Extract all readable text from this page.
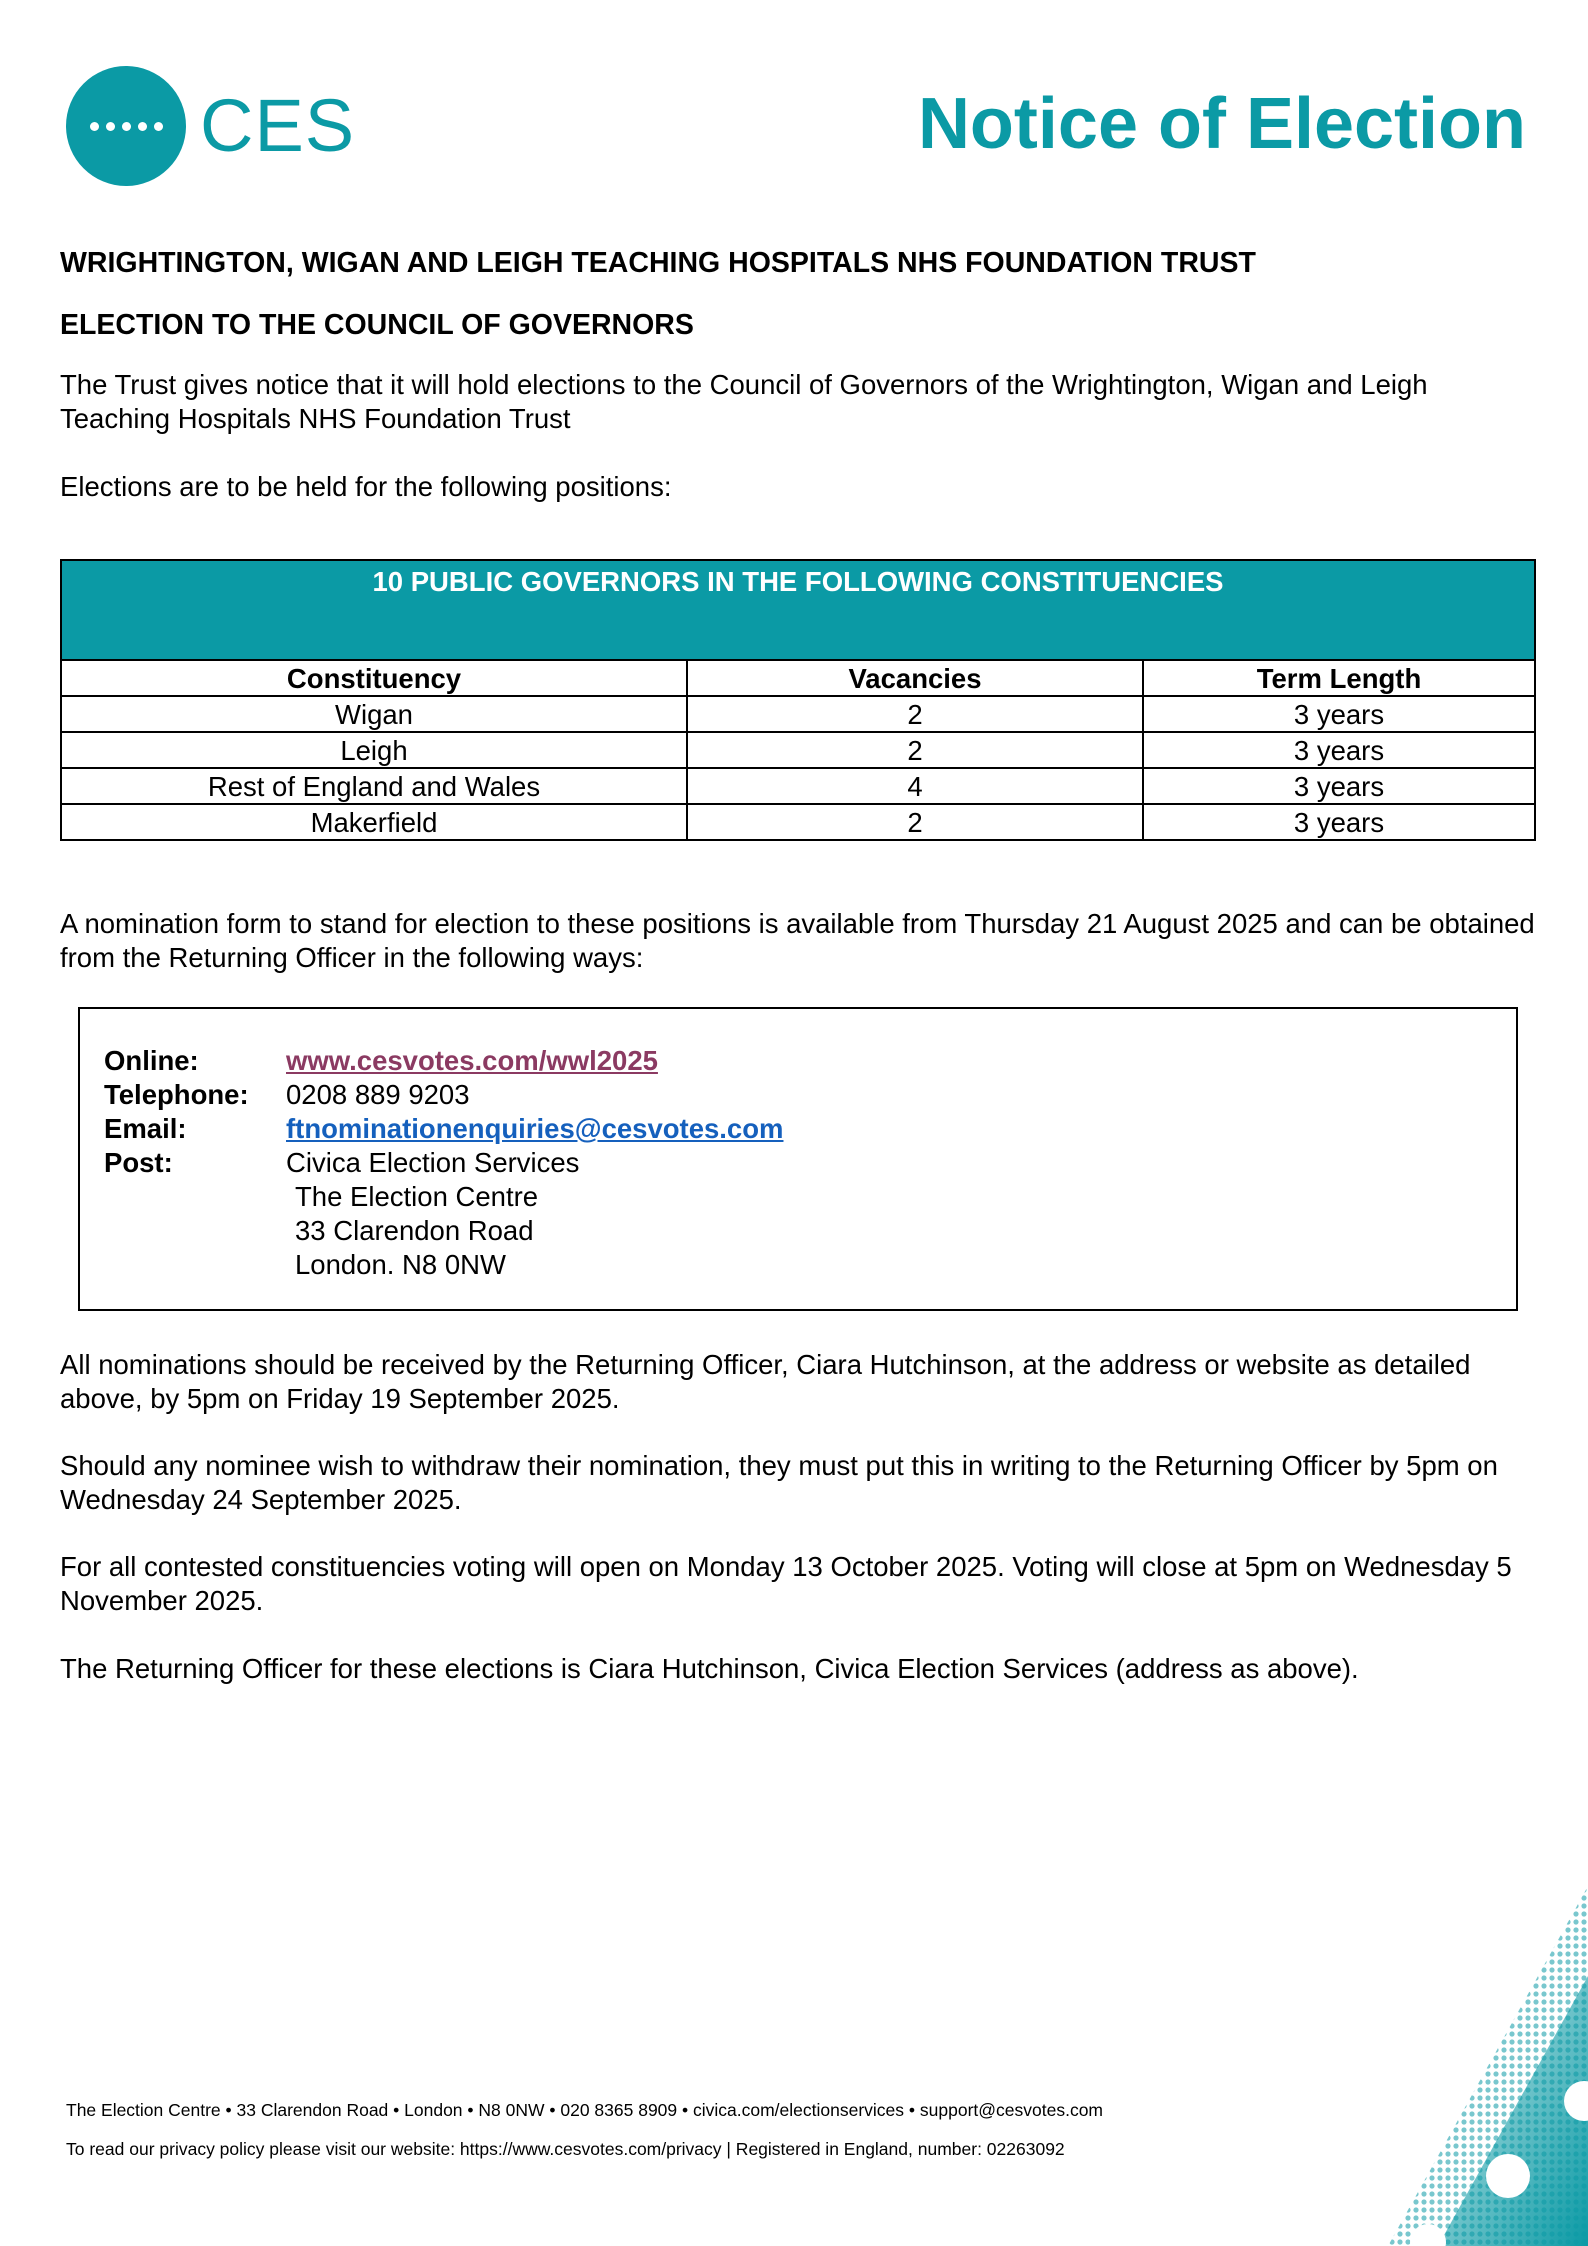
CES	Notice of Election
WRIGHTINGTON, WIGAN AND LEIGH TEACHING HOSPITALS NHS FOUNDATION TRUST
ELECTION TO THE COUNCIL OF GOVERNORS
The Trust gives notice that it will hold elections to the Council of Governors of the Wrightington, Wigan and Leigh Teaching Hospitals NHS Foundation Trust
Elections are to be held for the following positions:
10 PUBLIC GOVERNORS IN THE FOLLOWING CONSTITUENCIES		
Constituency	Vacancies	Term Length
Wigan	2	3 years
Leigh	2	3 years
Rest of England and Wales	4	3 years
Makerfield	2	3 years
A nomination form to stand for election to these positions is available from Thursday 21 August 2025 and can be obtained from the Returning Officer in the following ways:
Online:	www.cesvotes.com/wwl2025
Telephone: 0208 889 9203
Email:	ftnominationenquiries@cesvotes.com
Post:	Civica Election Services
The Election Centre
33 Clarendon Road
London. N8 0NW
All nominations should be received by the Returning Officer, Ciara Hutchinson, at the address or website as detailed above, by 5pm on Friday 19 September 2025.
Should any nominee wish to withdraw their nomination, they must put this in writing to the Returning Officer by 5pm on Wednesday 24 September 2025.
For all contested constituencies voting will open on Monday 13 October 2025. Voting will close at 5pm on Wednesday 5 November 2025.
The Returning Officer for these elections is Ciara Hutchinson, Civica Election Services (address as above).
The Election Centre • 33 Clarendon Road • London • N8 0NW • 020 8365 8909 • civica.com/electionservices • support@cesvotes.com
To read our privacy policy please visit our website: https://www.cesvotes.com/privacy | Registered in England, number: 02263092
